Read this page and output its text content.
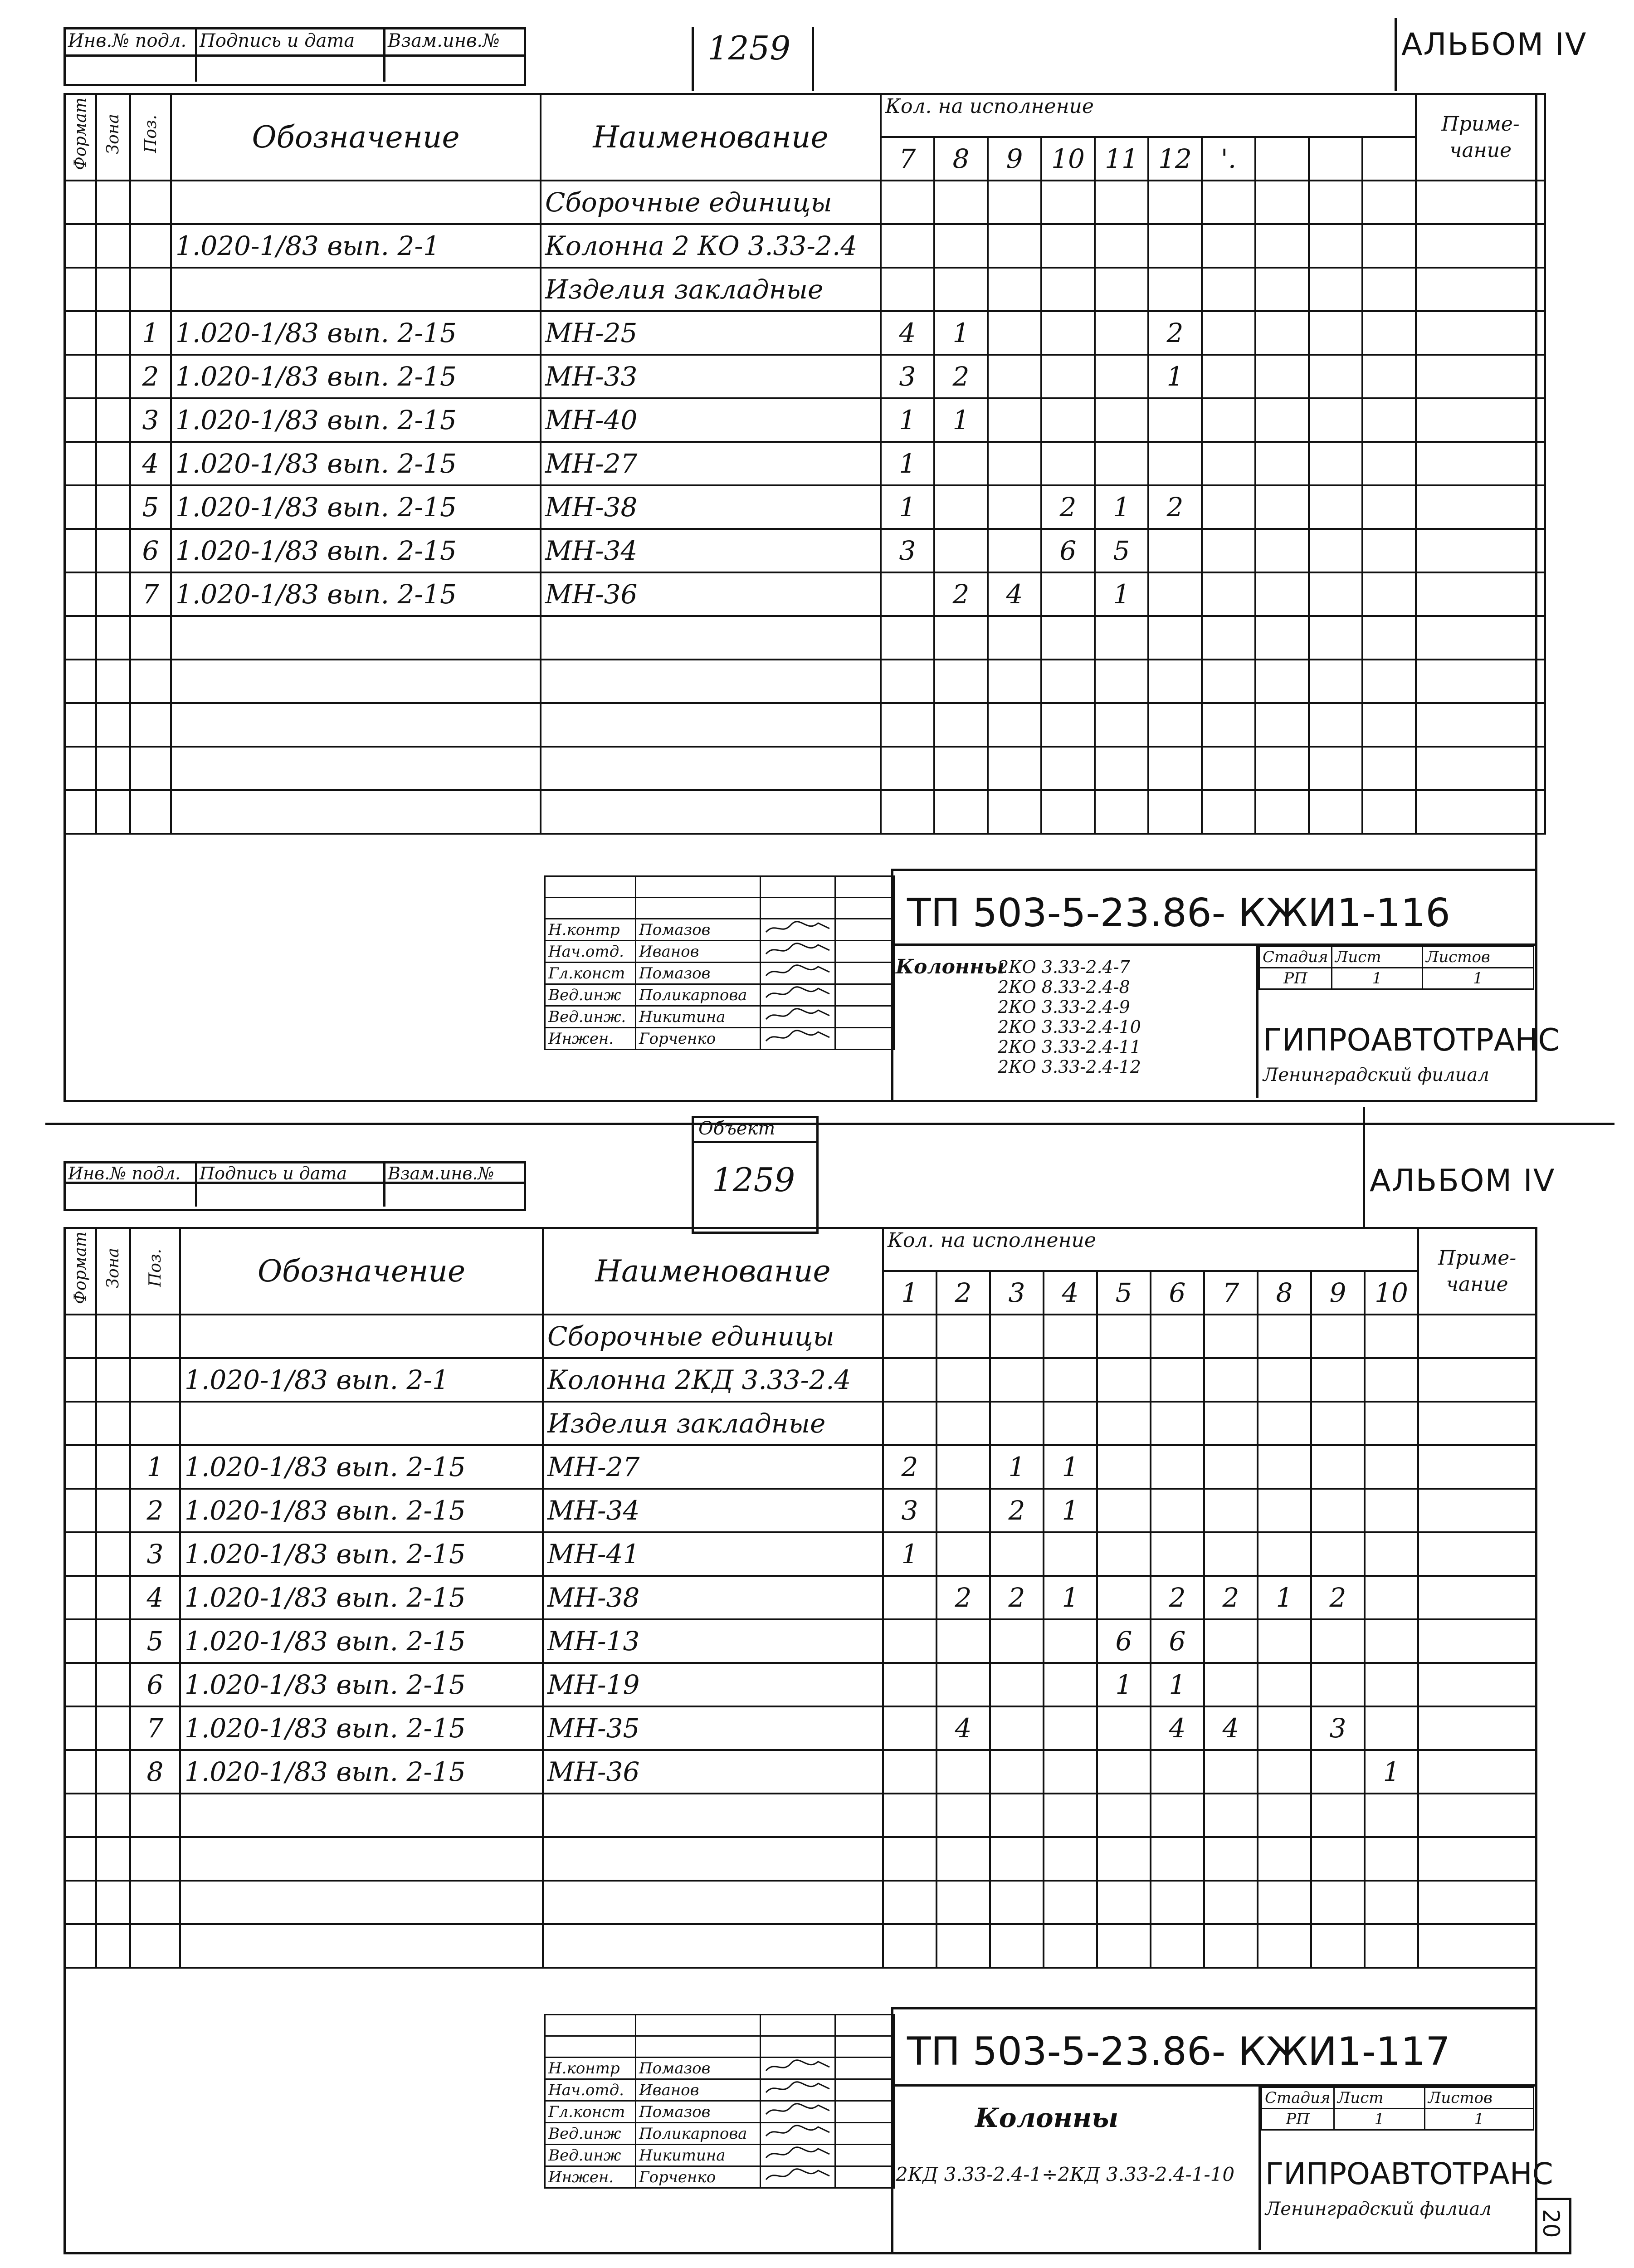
Инв.№ подл. Подпись и дата Взам.инв.№	1259	АЛЬБОМ IV
Формат	Зона	Поз.	Обозначение	Наименование	Кол. на исполнение										Приме-чание
					7	8	9	10	11	12	'.				
				Сборочные единицы											
			1.020-1/83 вып. 2-1	Колонна 2 КО 3.33-2.4											
				Изделия закладные											
		1	1.020-1/83 вып. 2-15	МН-25	4	1				2					
		2	1.020-1/83 вып. 2-15	МН-33	3	2				1					
		3	1.020-1/83 вып. 2-15	МН-40	1	1									
		4	1.020-1/83 вып. 2-15	МН-27	1										
		5	1.020-1/83 вып. 2-15	МН-38	1			2	1	2					
		6	1.020-1/83 вып. 2-15	МН-34	3			6	5						
		7	1.020-1/83 вып. 2-15	МН-36		2	4		1						

Н.контр	Помазов		
Нач.отд.	Иванов		
Гл.конст	Помазов		
Вед.инж	Поликарпова		
Вед.инж.	Никитина		
Инжен.	Горченко		
ТП 503-5-23.86- КЖИ1-116
Колонны
2КО 3.33-2.4-7
2КО 8.33-2.4-8
2КО 3.33-2.4-9
2КО 3.33-2.4-10
2КО 3.33-2.4-11
2КО 3.33-2.4-12
Стадия	Лист	Листов
РП	1	1
ГИПРОАВТОТРАНС
Ленинградский филиал
Инв.№ подл. Подпись и дата Взам.инв.№
Объект
1259	АЛЬБОМ IV
Формат	Зона	Поз.	Обозначение	Наименование	Кол. на исполнение										Приме-чание
					1	2	3	4	5	6	7	8	9	10	
				Сборочные единицы											
			1.020-1/83 вып. 2-1	Колонна 2КД 3.33-2.4											
				Изделия закладные											
		1	1.020-1/83 вып. 2-15	МН-27	2		1	1							
		2	1.020-1/83 вып. 2-15	МН-34	3		2	1							
		3	1.020-1/83 вып. 2-15	МН-41	1										
		4	1.020-1/83 вып. 2-15	МН-38		2	2	1		2	2	1	2		
		5	1.020-1/83 вып. 2-15	МН-13					6	6					
		6	1.020-1/83 вып. 2-15	МН-19					1	1					
		7	1.020-1/83 вып. 2-15	МН-35		4				4	4		3		
		8	1.020-1/83 вып. 2-15	МН-36										1	

Н.контр	Помазов		
Нач.отд.	Иванов		
Гл.конст	Помазов		
Вед.инж	Поликарпова		
Вед.инж	Никитина		
Инжен.	Горченко		
ТП 503-5-23.86- КЖИ1-117
Колонны
2КД 3.33-2.4-1÷2КД 3.33-2.4-1-10
Стадия	Лист	Листов
РП	1	1
ГИПРОАВТОТРАНС
Ленинградский филиал 20
